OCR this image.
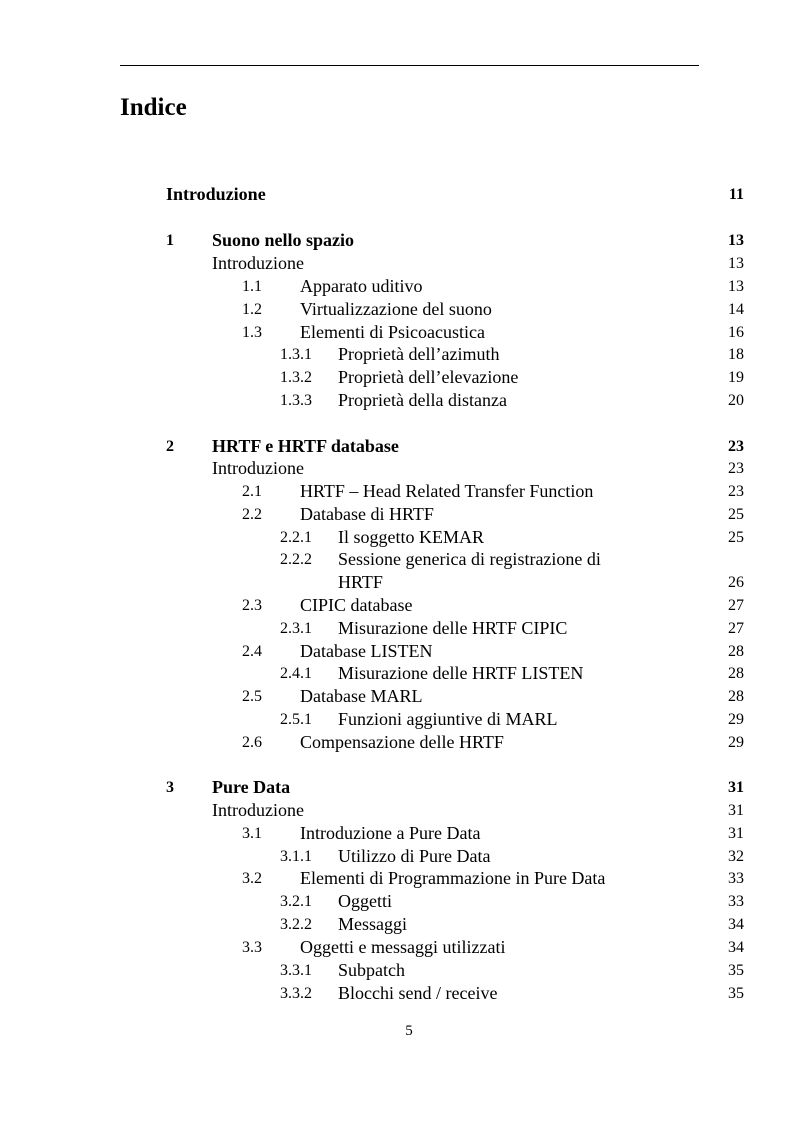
Indice
Introduzione	11
1 Suono nello spazio	13
Introduzione	13
1.1 Apparato uditivo	13
1.2 Virtualizzazione del suono	14
1.3 Elementi di Psicoacustica	16
1.3.1 Proprietà dell’azimuth	18
1.3.2 Proprietà dell’elevazione	19
1.3.3 Proprietà della distanza	20
2 HRTF e HRTF database	23
Introduzione	23
2.1 HRTF – Head Related Transfer Function	23
2.2 Database di HRTF	25
2.2.1 Il soggetto KEMAR	25
2.2.2 Sessione generica di registrazione di
HRTF	26
2.3 CIPIC database	27
2.3.1 Misurazione delle HRTF CIPIC	27
2.4 Database LISTEN	28
2.4.1 Misurazione delle HRTF LISTEN	28
2.5 Database MARL	28
2.5.1 Funzioni aggiuntive di MARL	29
2.6 Compensazione delle HRTF	29
3 Pure Data	31
Introduzione	31
3.1 Introduzione a Pure Data	31
3.1.1 Utilizzo di Pure Data	32
3.2 Elementi di Programmazione in Pure Data	33
3.2.1 Oggetti	33
3.2.2 Messaggi	34
3.3 Oggetti e messaggi utilizzati	34
3.3.1 Subpatch	35
3.3.2 Blocchi send / receive	35
5
